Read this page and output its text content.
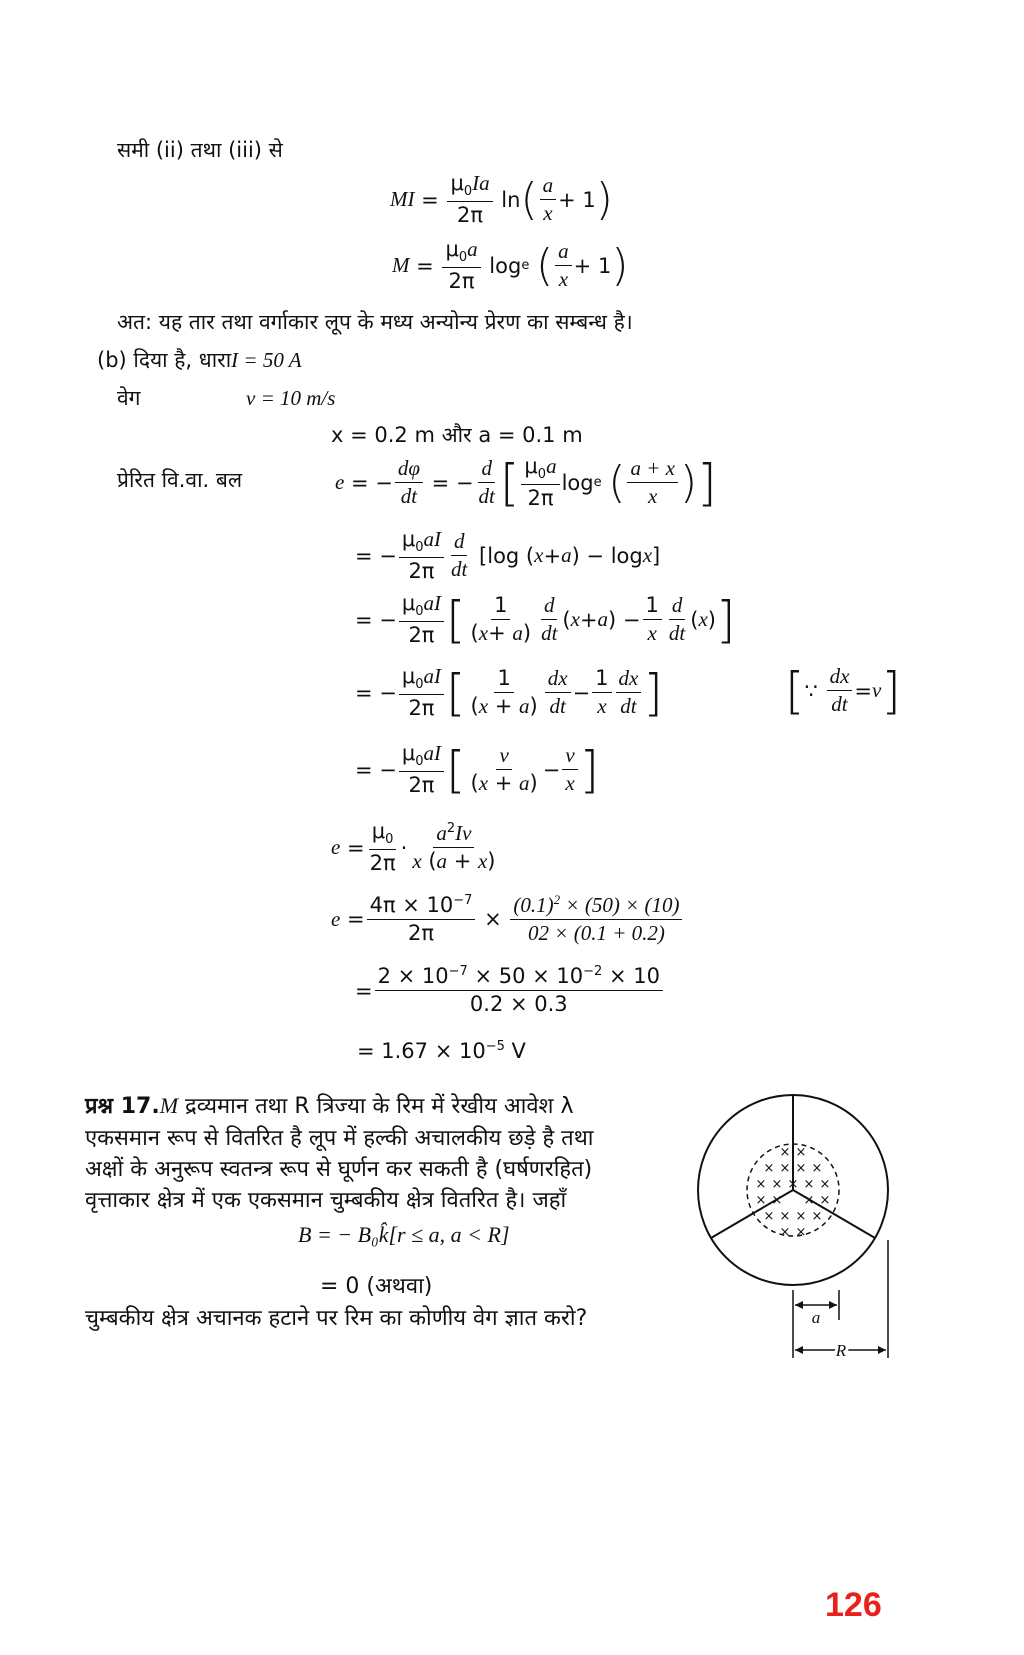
समी (ii) तथा (iii) से
MI = $\frac{\mu_0Ia}{2\pi}$ ln ( $\frac{a}{x} + 1$ )
$M = \frac{\mu_0a}{2\pi}$ log e
( $\frac{a}{x} + 1$ )
अत: यह तार तथा वर्गाकार लूप के मध्य अन्योन्य प्रेरण का सम्बन्ध है।
(b) दिया है, धाराI = 50 A
वेग	v = 10 m/s
x = 0.2 m और a = 0.1 m
प्रेरित वि.वा. बल	e = − $\frac{d\varphi}{dt}$ = − $\frac{d}{dt}$ [ $\frac{\mu_0a}{2\pi}$ log e
( $\frac{a + x}{x}$ ) ]
= − $\frac{\mu_0aI}{2\pi} \frac{d}{dt} [\log$ ( x + a ) − log x ]
= − $\frac{\mu_0aI}{2\pi}$ [ $\frac{1}{(x+ a)} \frac{d}{dt}$ ( x + a ) − $\frac{1}{x} \frac{d}{dt}$ ( x ) ]
= − $\frac{\mu_0aI}{2\pi}$ [ $\frac{1}{(x + a)} \frac{dx}{dt} - \frac{1}{x} \frac{dx}{dt}$ ] [ ∵ $\frac{dx}{dt} = v$ ]
= − $\frac{\mu_0aI}{2\pi}$ [ $\frac{v}{(x + a)} - \frac{v}{x}$ ]
$e = \frac{\mu_0}{2\pi} \cdot \frac{a^2Iv}{x (a + x)}$
$e = \frac{4\pi \times 10^{-7}}{2\pi} \times \frac{(0.1)^2 \times (50) \times (10)}{02 \times (0.1 + 0.2)}$
= $\frac{2 \times 10^{-7} \times 50 \times 10^{-2} \times 10}{0.2 \times 0.3}$
= $1.67 \times 10^{-5}$ V
प्रश्न 17.M द्रव्यमान तथा R त्रिज्या के रिम में रेखीय आवेश λ
एकसमान रूप से वितरित है लूप में हल्की अचालकीय छड़े है तथा
अक्षों के अनुरूप स्वतन्त्र रूप से घूर्णन कर सकती है (घर्षणरहित)
वृत्ताकार क्षेत्र में एक एकसमान चुम्बकीय क्षेत्र वितरित है। जहाँ
B = − B₀k̂[r ≤ a, a < R]
= 0 (अथवा)
चुम्बकीय क्षेत्र अचानक हटाने पर रिम का कोणीय वेग ज्ञात करो?
× ×
× × × ×
× × × × ×
× × × ×
× × × ×
× ×
a
R
126
